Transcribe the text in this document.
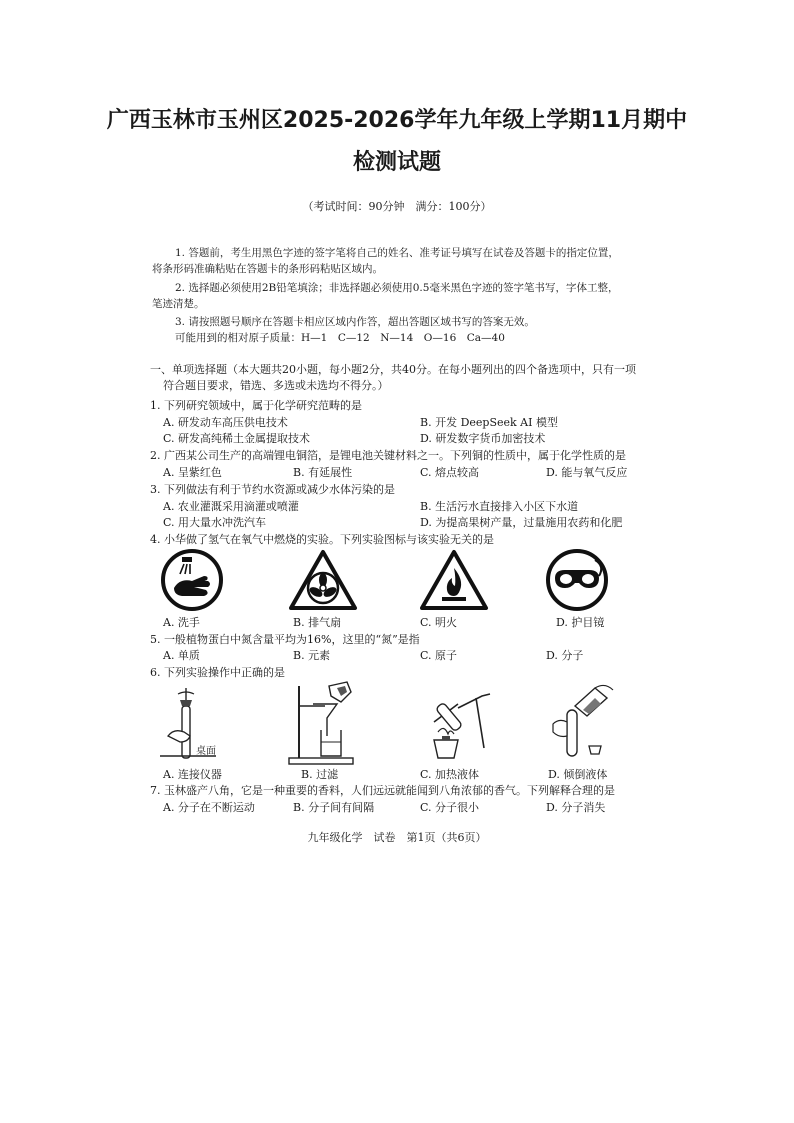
广西玉林市玉州区2025-2026学年九年级上学期11月期中
检测试题
（考试时间：90分钟　满分：100分）
1. 答题前，考生用黑色字迹的签字笔将自己的姓名、准考证号填写在试卷及答题卡的指定位置，
将条形码准确粘贴在答题卡的条形码粘贴区域内。
2. 选择题必须使用2B铅笔填涂；非选择题必须使用0.5毫米黑色字迹的签字笔书写，字体工整，
笔迹清楚。
3. 请按照题号顺序在答题卡相应区域内作答，超出答题区域书写的答案无效。
可能用到的相对原子质量：H—1　C—12　N—14　O—16　Ca—40
一、单项选择题（本大题共20小题，每小题2分，共40分。在每小题列出的四个备选项中，只有一项
符合题目要求，错选、多选或未选均不得分。）
1. 下列研究领域中，属于化学研究范畴的是
A. 研发动车高压供电技术	B. 开发 DeepSeek AI 模型
C. 研发高纯稀土金属提取技术	D. 研发数字货币加密技术
2. 广西某公司生产的高端锂电铜箔，是锂电池关键材料之一。下列铜的性质中，属于化学性质的是
A. 呈紫红色	B. 有延展性	C. 熔点较高	D. 能与氧气反应
3. 下列做法有利于节约水资源或减少水体污染的是
A. 农业灌溉采用滴灌或喷灌	B. 生活污水直接排入小区下水道
C. 用大量水冲洗汽车	D. 为提高果树产量，过量施用农药和化肥
4. 小华做了氢气在氧气中燃烧的实验。下列实验图标与该实验无关的是
A. 洗手	B. 排气扇	C. 明火	D. 护目镜
5. 一般植物蛋白中氮含量平均为16%，这里的“氮”是指
A. 单质	B. 元素	C. 原子	D. 分子
6. 下列实验操作中正确的是
桌面
A. 连接仪器	B. 过滤	C. 加热液体	D. 倾倒液体
7. 玉林盛产八角，它是一种重要的香料，人们远远就能闻到八角浓郁的香气。下列解释合理的是
A. 分子在不断运动	B. 分子间有间隔	C. 分子很小	D. 分子消失
九年级化学　试卷　第1页（共6页）
